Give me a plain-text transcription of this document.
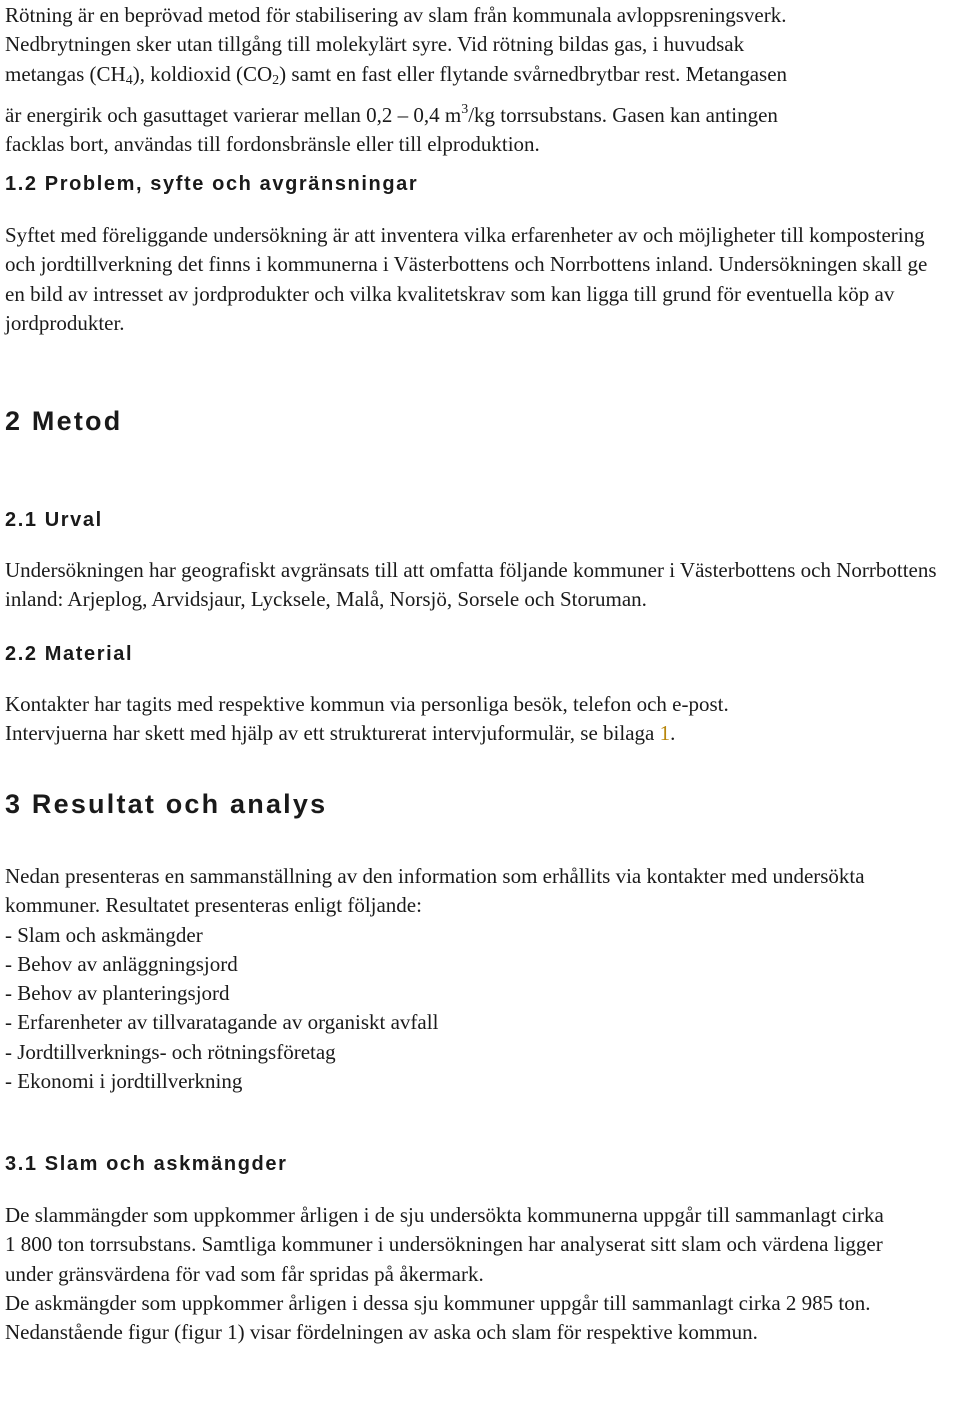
Rötning är en beprövad metod för stabilisering av slam från kommunala avloppsreningsverk.
Nedbrytningen sker utan tillgång till molekylärt syre. Vid rötning bildas gas, i huvudsak
metangas $(CH_4)$, koldioxid $(CO_2)$ samt en fast eller flytande svårnedbrytbar rest. Metangasen
är energirik och gasuttaget varierar mellan 0,2 – 0,4 $m^3/kg$ torrsubstans. Gasen kan antingen
facklas bort, användas till fordonsbränsle eller till elproduktion.
1.2 Problem, syfte och avgränsningar

Syftet med föreliggande undersökning är att inventera vilka erfarenheter av och möjligheter till kompostering och jordtillverkning det finns i kommunerna i Västerbottens och Norrbottens inland. Undersökningen skall ge en bild av intresset av jordprodukter och vilka kvalitetskrav som kan ligga till grund för eventuella köp av jordprodukter.

2 Metod
2.1 Urval

Undersökningen har geografiskt avgränsats till att omfatta följande kommuner i Västerbottens och Norrbottens inland: Arjeplog, Arvidsjaur, Lycksele, Malå, Norsjö, Sorsele och Storuman.

2.2 Material
Kontakter har tagits med respektive kommun via personliga besök, telefon och e-post.
Intervjuerna har skett med hjälp av ett strukturerat intervjuformulär, se bilaga 1.
3 Resultat och analys

Nedan presenteras en sammanställning av den information som erhållits via kontakter med undersökta kommuner. Resultatet presenteras enligt följande:

- Slam och askmängder
- Behov av anläggningsjord
- Behov av planteringsjord
- Erfarenheter av tillvaratagande av organiskt avfall
- Jordtillverknings- och rötningsföretag
- Ekonomi i jordtillverkning
3.1 Slam och askmängder

De slammängder som uppkommer årligen i de sju undersökta kommunerna uppgår till sammanlagt cirka 1 800 ton torrsubstans. Samtliga kommuner i undersökningen har analyserat sitt slam och värdena ligger under gränsvärdena för vad som får spridas på åkermark.

De askmängder som uppkommer årligen i dessa sju kommuner uppgår till sammanlagt cirka 2 985 ton.

Nedanstående figur (figur 1) visar fördelningen av aska och slam för respektive kommun.
